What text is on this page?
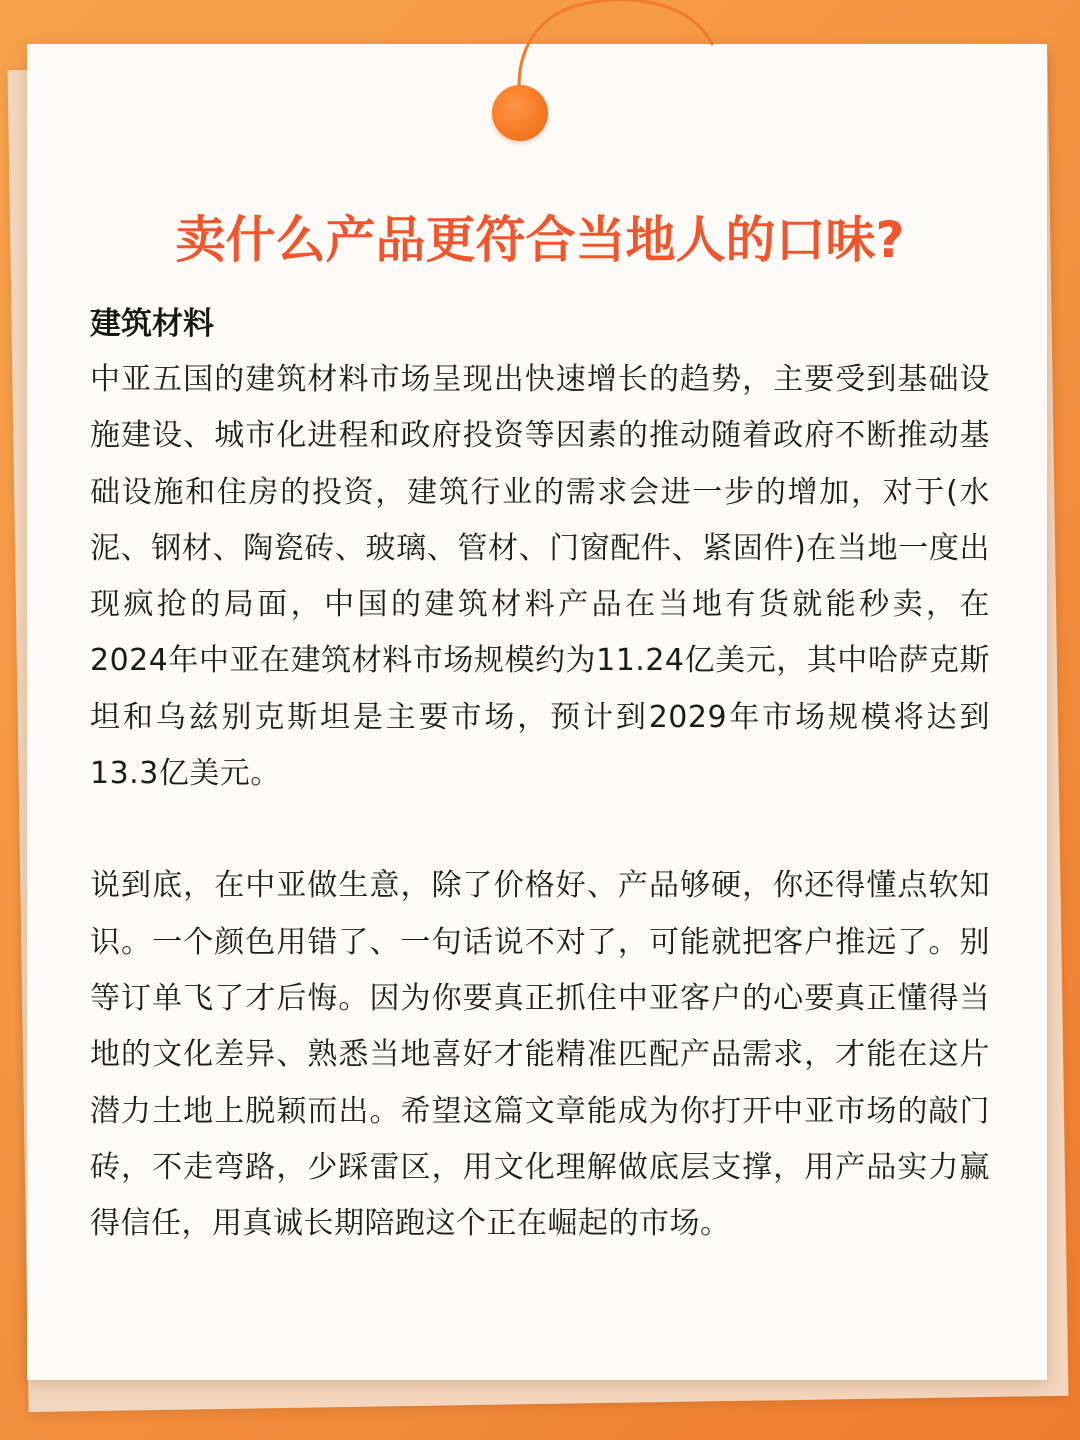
卖什么产品更符合当地人的口味?
建筑材料

中亚五国的建筑材料市场呈现出快速增长的趋势，主要受到基础设施建设、城市化进程和政府投资等因素的推动随着政府不断推动基础设施和住房的投资，建筑行业的需求会进一步的增加，对于(水泥、钢材、陶瓷砖、玻璃、管材、门窗配件、紧固件)在当地一度出现疯抢的局面，中国的建筑材料产品在当地有货就能秒卖，在2024年中亚在建筑材料市场规模约为11.24亿美元，其中哈萨克斯坦和乌兹别克斯坦是主要市场，预计到2029年市场规模将达到13.3亿美元。

说到底，在中亚做生意，除了价格好、产品够硬，你还得懂点软知识。一个颜色用错了、一句话说不对了，可能就把客户推远了。别等订单飞了才后悔。因为你要真正抓住中亚客户的心要真正懂得当地的文化差异、熟悉当地喜好才能精准匹配产品需求，才能在这片潜力土地上脱颖而出。希望这篇文章能成为你打开中亚市场的敲门砖，不走弯路，少踩雷区，用文化理解做底层支撑，用产品实力赢得信任，用真诚长期陪跑这个正在崛起的市场。
